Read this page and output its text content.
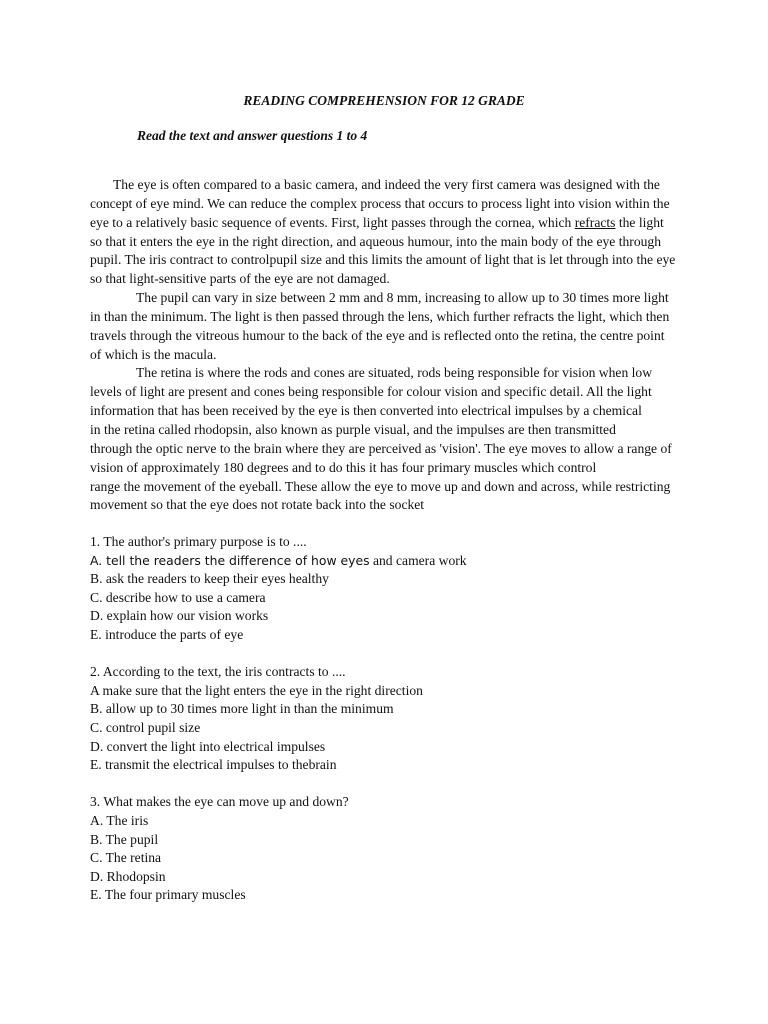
READING COMPREHENSION FOR 12 GRADE
Read the text and answer questions 1 to 4
The eye is often compared to a basic camera, and indeed the very first camera was designed with the
concept of eye mind. We can reduce the complex process that occurs to process light into vision within the
eye to a relatively basic sequence of events. First, light passes through the cornea, which refracts the light
so that it enters the eye in the right direction, and aqueous humour, into the main body of the eye through
pupil. The iris contract to controlpupil size and this limits the amount of light that is let through into the eye
so that light-sensitive parts of the eye are not damaged.
The pupil can vary in size between 2 mm and 8 mm, increasing to allow up to 30 times more light
in than the minimum. The light is then passed through the lens, which further refracts the light, which then
travels through the vitreous humour to the back of the eye and is reflected onto the retina, the centre point
of which is the macula.
The retina is where the rods and cones are situated, rods being responsible for vision when low
levels of light are present and cones being responsible for colour vision and specific detail. All the light
information that has been received by the eye is then converted into electrical impulses by a chemical
in the retina called rhodopsin, also known as purple visual, and the impulses are then transmitted
through the optic nerve to the brain where they are perceived as 'vision'. The eye moves to allow a range of
vision of approximately 180 degrees and to do this it has four primary muscles which control
range the movement of the eyeball. These allow the eye to move up and down and across, while restricting
movement so that the eye does not rotate back into the socket
1. The author's primary purpose is to ....
A. tell the readers the difference of how eyes and camera work
B. ask the readers to keep their eyes healthy
C. describe how to use a camera
D. explain how our vision works
E. introduce the parts of eye
2. According to the text, the iris contracts to ....
A make sure that the light enters the eye in the right direction
B. allow up to 30 times more light in than the minimum
C. control pupil size
D. convert the light into electrical impulses
E. transmit the electrical impulses to thebrain
3. What makes the eye can move up and down?
A. The iris
B. The pupil
C. The retina
D. Rhodopsin
E. The four primary muscles
